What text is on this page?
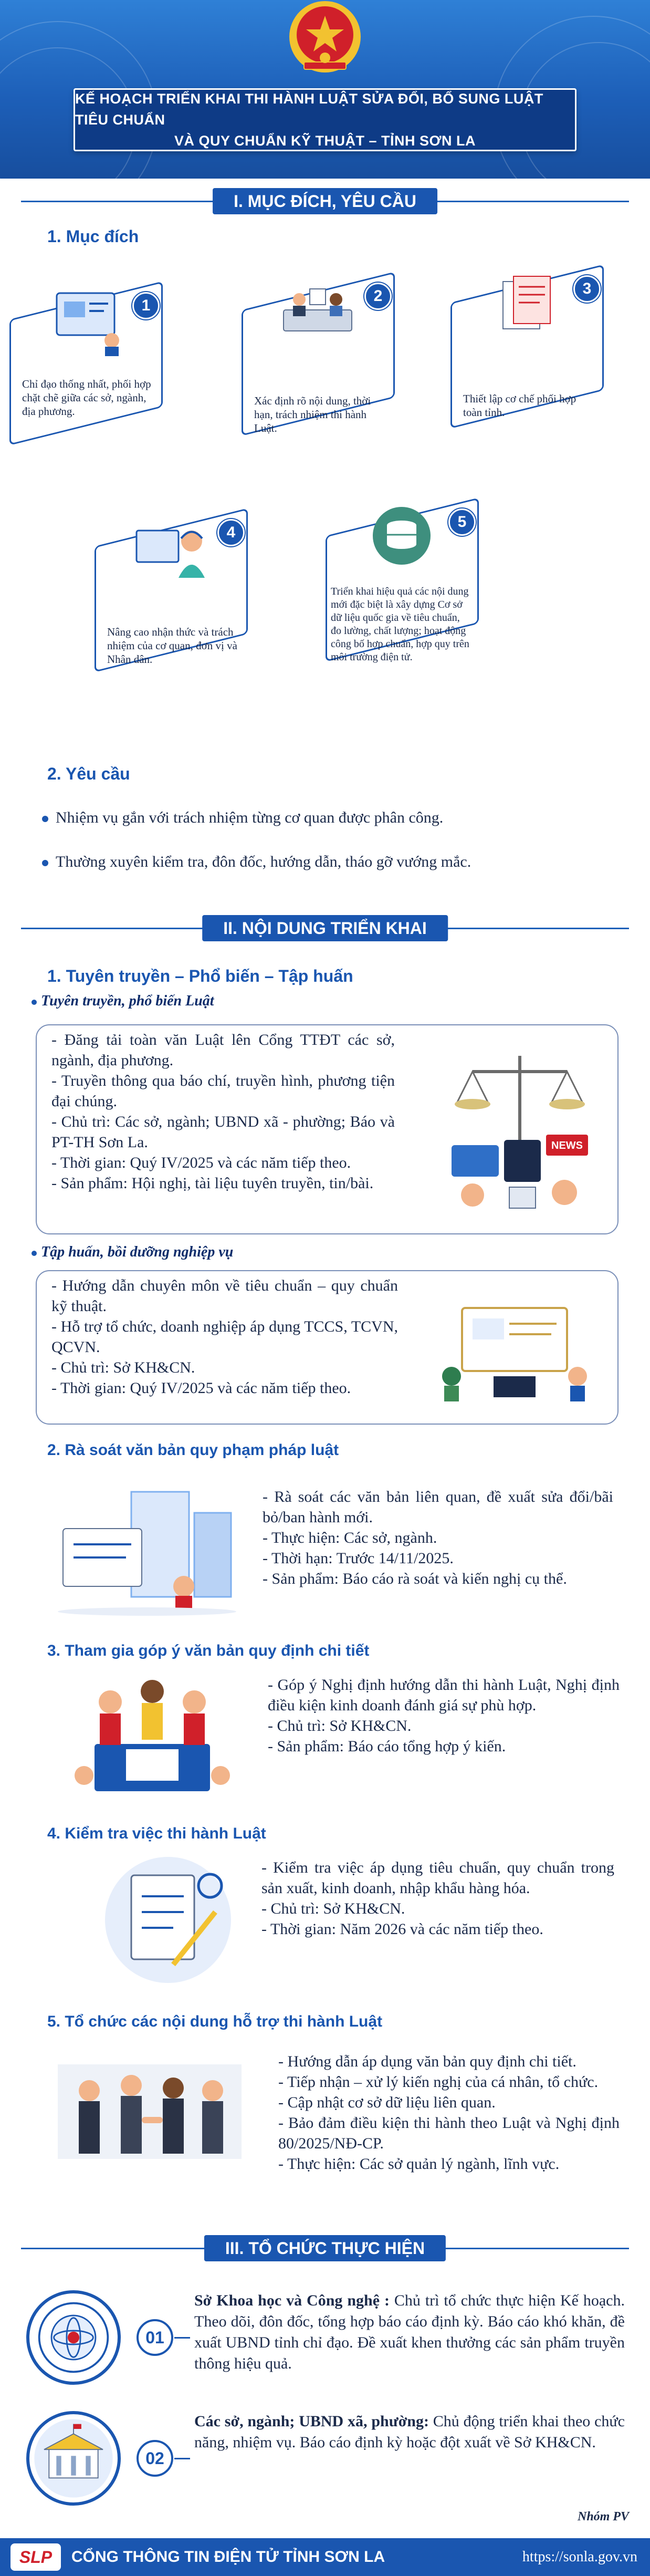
KẾ HOẠCH TRIỂN KHAI THI HÀNH LUẬT SỬA ĐỔI, BỔ SUNG LUẬT TIÊU CHUẨN
VÀ QUY CHUẨN KỸ THUẬT – TỈNH SƠN LA
I. MỤC ĐÍCH, YÊU CẦU
1. Mục đích
1
Chỉ đạo thống nhất, phối hợp chặt chẽ giữa các sở, ngành, địa phương.
2
Xác định rõ nội dung, thời hạn, trách nhiệm thi hành Luật.
3
Thiết lập cơ chế phối hợp toàn tỉnh.
4
Nâng cao nhận thức và trách nhiệm của cơ quan, đơn vị và Nhân dân.
5
Triển khai hiệu quả các nội dung mới đặc biệt là xây dựng Cơ sở dữ liệu quốc gia về tiêu chuẩn, đo lường, chất lượng; hoạt động công bố hợp chuẩn, hợp quy trên môi trường điện tử.
2. Yêu cầu
Nhiệm vụ gắn với trách nhiệm từng cơ quan được phân công.
Thường xuyên kiểm tra, đôn đốc, hướng dẫn, tháo gỡ vướng mắc.
II. NỘI DUNG TRIỂN KHAI
1. Tuyên truyền – Phổ biến – Tập huấn
Tuyên truyền, phổ biến Luật
- Đăng tải toàn văn Luật lên Cổng TTĐT các sở, ngành, địa phương.
- Truyền thông qua báo chí, truyền hình, phương tiện đại chúng.
- Chủ trì: Các sở, ngành; UBND xã - phường; Báo và PT-TH Sơn La.
- Thời gian: Quý IV/2025 và các năm tiếp theo.
- Sản phẩm: Hội nghị, tài liệu tuyên truyền, tin/bài.
NEWS
Tập huấn, bồi dưỡng nghiệp vụ
- Hướng dẫn chuyên môn về tiêu chuẩn – quy chuẩn kỹ thuật.
- Hỗ trợ tổ chức, doanh nghiệp áp dụng TCCS, TCVN, QCVN.
- Chủ trì: Sở KH&CN.
- Thời gian: Quý IV/2025 và các năm tiếp theo.
2. Rà soát văn bản quy phạm pháp luật
- Rà soát các văn bản liên quan, đề xuất sửa đổi/bãi bỏ/ban hành mới.
- Thực hiện: Các sở, ngành.
- Thời hạn: Trước 14/11/2025.
- Sản phẩm: Báo cáo rà soát và kiến nghị cụ thể.
3. Tham gia góp ý văn bản quy định chi tiết
- Góp ý Nghị định hướng dẫn thi hành Luật, Nghị định điều kiện kinh doanh đánh giá sự phù hợp.
- Chủ trì: Sở KH&CN.
- Sản phẩm: Báo cáo tổng hợp ý kiến.
4. Kiểm tra việc thi hành Luật
- Kiểm tra việc áp dụng tiêu chuẩn, quy chuẩn trong sản xuất, kinh doanh, nhập khẩu hàng hóa.
- Chủ trì: Sở KH&CN.
- Thời gian: Năm 2026 và các năm tiếp theo.
5. Tổ chức các nội dung hỗ trợ thi hành Luật
- Hướng dẫn áp dụng văn bản quy định chi tiết.
- Tiếp nhận – xử lý kiến nghị của cá nhân, tổ chức.
- Cập nhật cơ sở dữ liệu liên quan.
- Bảo đảm điều kiện thi hành theo Luật và Nghị định 80/2025/NĐ-CP.
- Thực hiện: Các sở quản lý ngành, lĩnh vực.
III. TỔ CHỨC THỰC HIỆN
01
Sở Khoa học và Công nghệ : Chủ trì tổ chức thực hiện Kế hoạch. Theo dõi, đôn đốc, tổng hợp báo cáo định kỳ. Báo cáo khó khăn, đề xuất UBND tỉnh chỉ đạo. Đề xuất khen thưởng các sản phẩm truyền thông hiệu quả.
02
Các sở, ngành; UBND xã, phường: Chủ động triển khai theo chức năng, nhiệm vụ. Báo cáo định kỳ hoặc đột xuất về Sở KH&CN.
Nhóm PV
SLP	CỔNG THÔNG TIN ĐIỆN TỬ TỈNH SƠN LA	https://sonla.gov.vn
